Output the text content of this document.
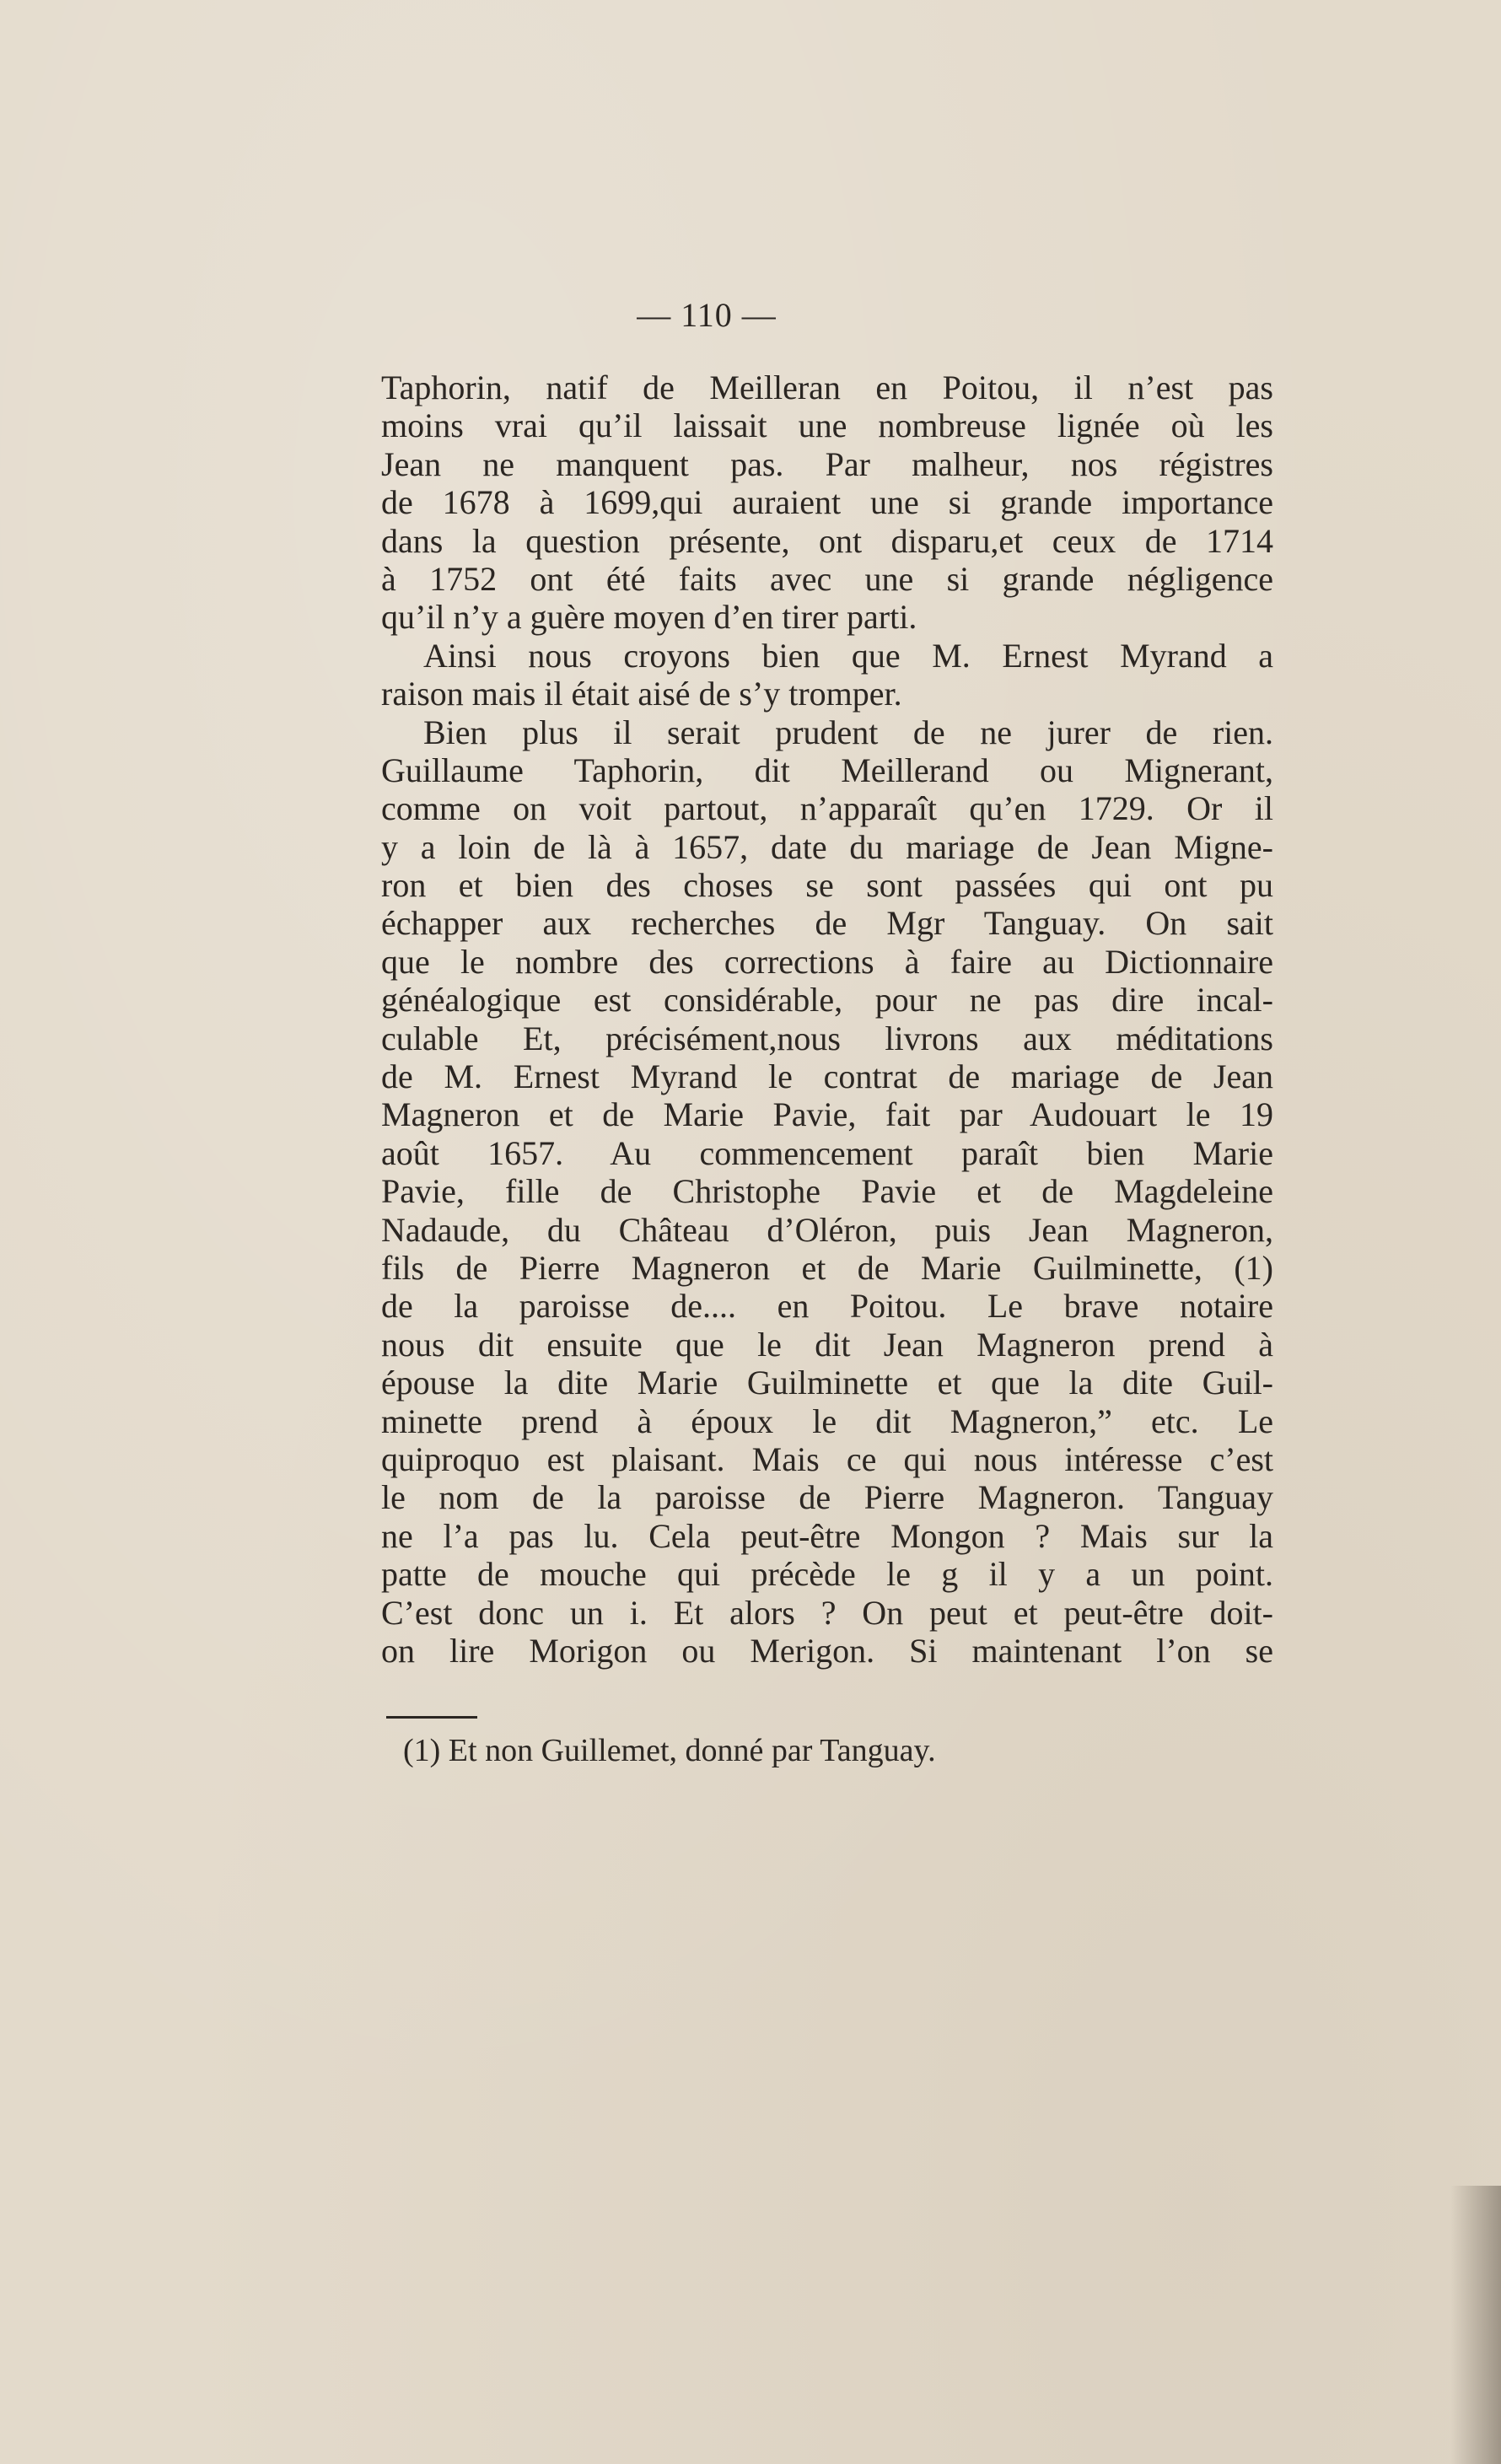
— 110 —
Taphorin, natif de Meilleran en Poitou, il n’est pas
moins vrai qu’il laissait une nombreuse lignée où les
Jean ne manquent pas. Par malheur, nos régistres
de 1678 à 1699,qui auraient une si grande importance
dans la question présente, ont disparu,et ceux de 1714
à 1752 ont été faits avec une si grande négligence
qu’il n’y a guère moyen d’en tirer parti.
Ainsi nous croyons bien que M. Ernest Myrand a
raison mais il était aisé de s’y tromper.
Bien plus il serait prudent de ne jurer de rien.
Guillaume Taphorin, dit Meillerand ou Mignerant,
comme on voit partout, n’apparaît qu’en 1729. Or il
y a loin de là à 1657, date du mariage de Jean Migne-
ron et bien des choses se sont passées qui ont pu
échapper aux recherches de Mgr Tanguay. On sait
que le nombre des corrections à faire au Dictionnaire
généalogique est considérable, pour ne pas dire incal-
culable Et, précisément,nous livrons aux méditations
de M. Ernest Myrand le contrat de mariage de Jean
Magneron et de Marie Pavie, fait par Audouart le 19
août 1657. Au commencement paraît bien Marie
Pavie, fille de Christophe Pavie et de Magdeleine
Nadaude, du Château d’Oléron, puis Jean Magneron,
fils de Pierre Magneron et de Marie Guilminette, (1)
de la paroisse de.... en Poitou. Le brave notaire
nous dit ensuite que le dit Jean Magneron prend à
épouse la dite Marie Guilminette et que la dite Guil-
minette prend à époux le dit Magneron,” etc. Le
quiproquo est plaisant. Mais ce qui nous intéresse c’est
le nom de la paroisse de Pierre Magneron. Tanguay
ne l’a pas lu. Cela peut-être Mongon ? Mais sur la
patte de mouche qui précède le g il y a un point.
C’est donc un i. Et alors ? On peut et peut-être doit-
on lire Morigon ou Merigon. Si maintenant l’on se
(1) Et non Guillemet, donné par Tanguay.
